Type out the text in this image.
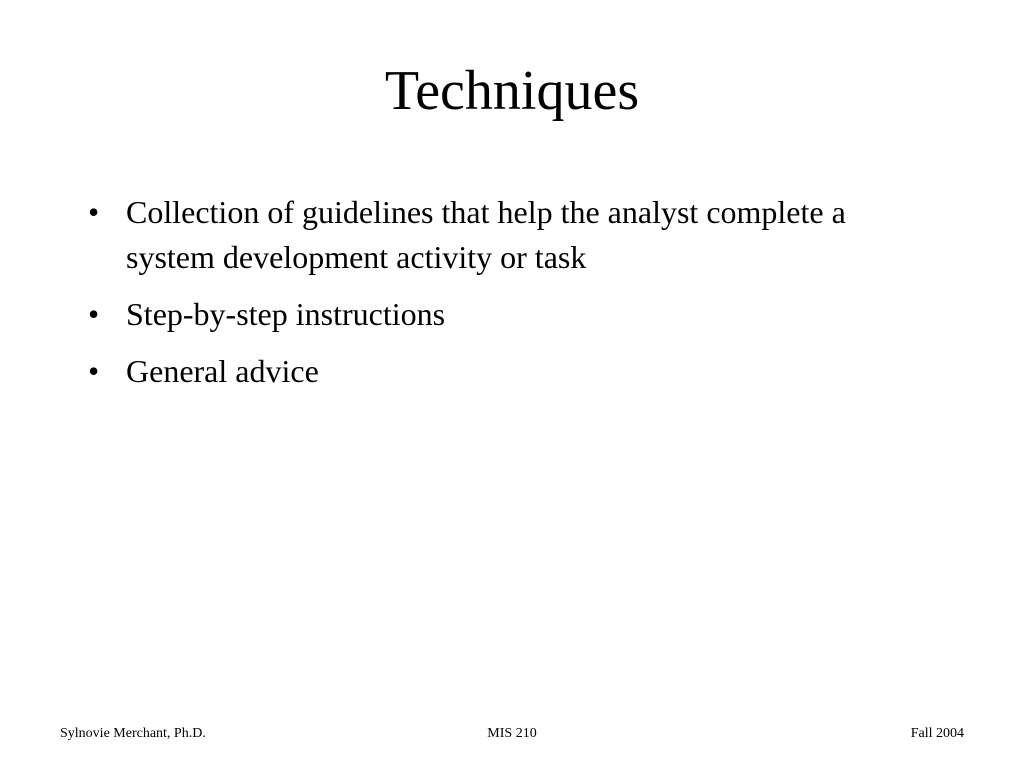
Techniques
• Collection of guidelines that help the analyst complete a system development activity or task
• Step-by-step instructions
• General advice
Sylnovie Merchant, Ph.D.	MIS 210	Fall 2004
